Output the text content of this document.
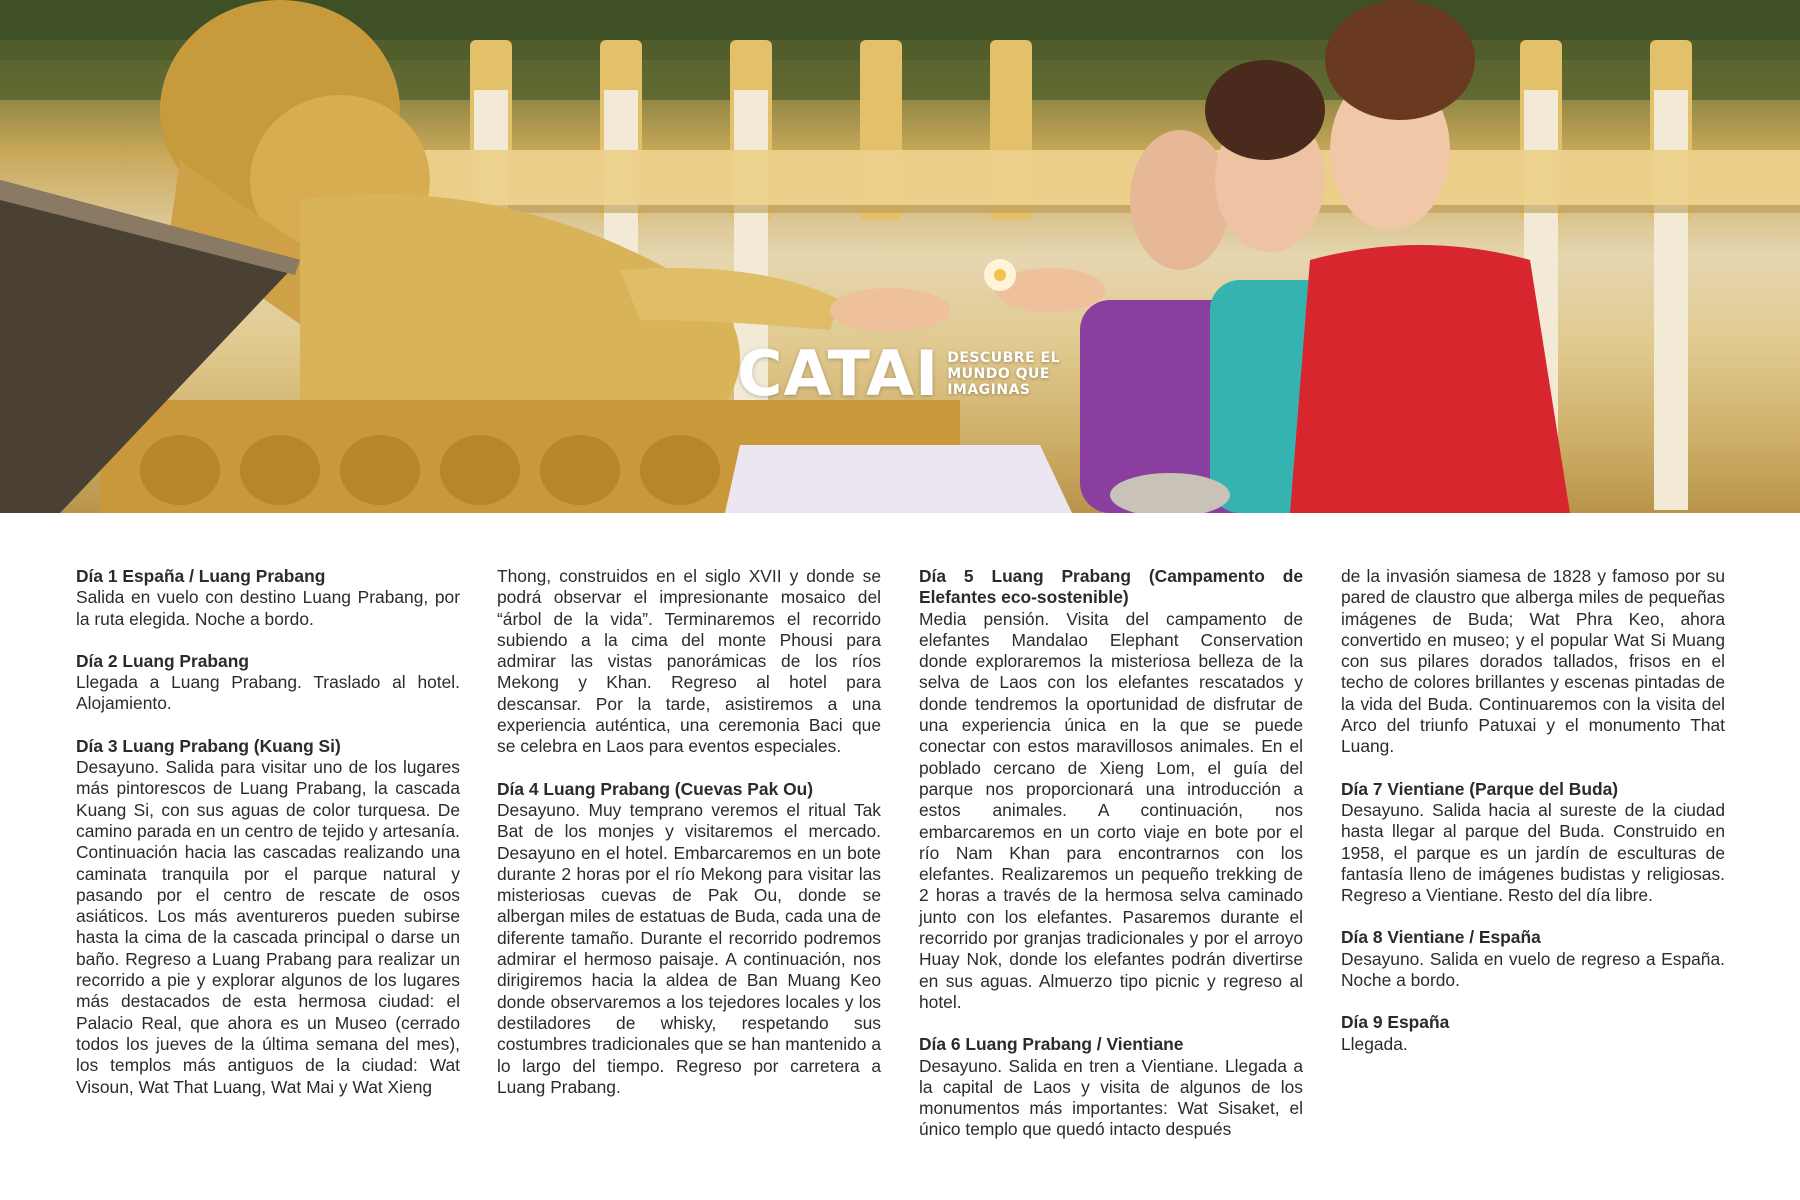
CATAI DESCUBRE EL
MUNDO QUE
IMAGINAS

Día 1 España / Luang Prabang

Salida en vuelo con destino Luang Prabang, por la ruta elegida. Noche a bordo.

Día 2 Luang Prabang

Llegada a Luang Prabang. Traslado al hotel. Alojamiento.

Día 3 Luang Prabang (Kuang Si)

Desayuno. Salida para visitar uno de los lugares más pintorescos de Luang Prabang, la cascada Kuang Si, con sus aguas de color turquesa. De camino parada en un centro de tejido y artesanía. Continuación hacia las cascadas realizando una caminata tranquila por el parque natural y pasando por el centro de rescate de osos asiáticos. Los más aventureros pueden subirse hasta la cima de la cascada principal o darse un baño. Regreso a Luang Prabang para realizar un recorrido a pie y explorar algunos de los lugares más destacados de esta hermosa ciudad: el Palacio Real, que ahora es un Museo (cerrado todos los jueves de la última semana del mes), los templos más antiguos de la ciudad: Wat Visoun, Wat That Luang, Wat Mai y Wat Xieng

Thong, construidos en el siglo XVII y donde se podrá observar el impresionante mosaico del “árbol de la vida”. Terminaremos el recorrido subiendo a la cima del monte Phousi para admirar las vistas panorámicas de los ríos Mekong y Khan. Regreso al hotel para descansar. Por la tarde, asistiremos a una experiencia auténtica, una ceremonia Baci que se celebra en Laos para eventos especiales.

Día 4 Luang Prabang (Cuevas Pak Ou)

Desayuno. Muy temprano veremos el ritual Tak Bat de los monjes y visitaremos el mercado. Desayuno en el hotel. Embarcaremos en un bote durante 2 horas por el río Mekong para visitar las misteriosas cuevas de Pak Ou, donde se albergan miles de estatuas de Buda, cada una de diferente tamaño. Durante el recorrido podremos admirar el hermoso paisaje. A continuación, nos dirigiremos hacia la aldea de Ban Muang Keo donde observaremos a los tejedores locales y los destiladores de whisky, respetando sus costumbres tradicionales que se han mantenido a lo largo del tiempo. Regreso por carretera a Luang Prabang.

Día 5 Luang Prabang (Campamento de Elefantes eco-sostenible)

Media pensión. Visita del campamento de elefantes Mandalao Elephant Conservation donde exploraremos la misteriosa belleza de la selva de Laos con los elefantes rescatados y donde tendremos la oportunidad de disfrutar de una experiencia única en la que se puede conectar con estos maravillosos animales. En el poblado cercano de Xieng Lom, el guía del parque nos proporcionará una introducción a estos animales. A continuación, nos embarcaremos en un corto viaje en bote por el río Nam Khan para encontrarnos con los elefantes. Realizaremos un pequeño trekking de 2 horas a través de la hermosa selva caminado junto con los elefantes. Pasaremos durante el recorrido por granjas tradicionales y por el arroyo Huay Nok, donde los elefantes podrán divertirse en sus aguas. Almuerzo tipo picnic y regreso al hotel.

Día 6 Luang Prabang / Vientiane

Desayuno. Salida en tren a Vientiane. Llegada a la capital de Laos y visita de algunos de los monumentos más importantes: Wat Sisaket, el único templo que quedó intacto después

de la invasión siamesa de 1828 y famoso por su pared de claustro que alberga miles de pequeñas imágenes de Buda; Wat Phra Keo, ahora convertido en museo; y el popular Wat Si Muang con sus pilares dorados tallados, frisos en el techo de colores brillantes y escenas pintadas de la vida del Buda. Continuaremos con la visita del Arco del triunfo Patuxai y el monumento That Luang.

Día 7 Vientiane (Parque del Buda)

Desayuno. Salida hacia al sureste de la ciudad hasta llegar al parque del Buda. Construido en 1958, el parque es un jardín de esculturas de fantasía lleno de imágenes budistas y religiosas. Regreso a Vientiane. Resto del día libre.

Día 8 Vientiane / España

Desayuno. Salida en vuelo de regreso a España. Noche a bordo.

Día 9 España

Llegada.
